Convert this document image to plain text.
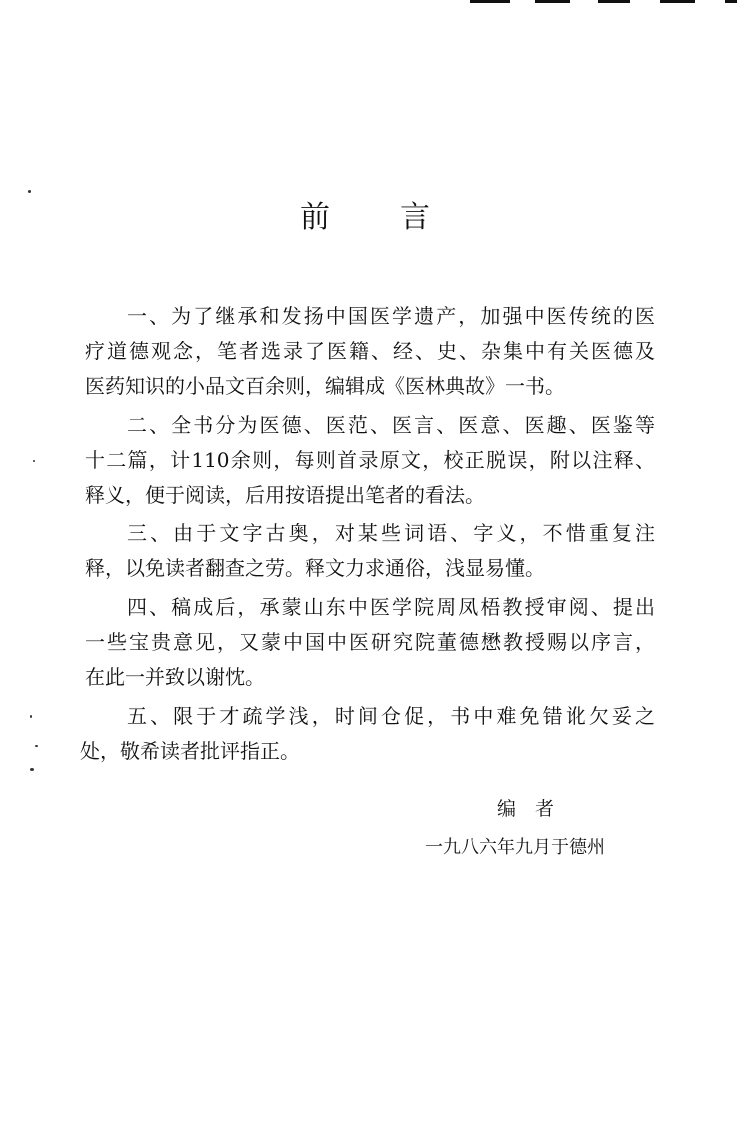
前 言
一、为了继承和发扬中国医学遗产，加强中医传统的医
疗道德观念，笔者选录了医籍、经、史、杂集中有关医德及
医药知识的小品文百余则，编辑成《医林典故》一书。
二、全书分为医德、医范、医言、医意、医趣、医鉴等
十二篇，计110余则，每则首录原文，校正脱误，附以注释、
释义，便于阅读，后用按语提出笔者的看法。
三、由于文字古奥，对某些词语、字义，不惜重复注
释，以免读者翻查之劳。释文力求通俗，浅显易懂。
四、稿成后，承蒙山东中医学院周凤梧教授审阅、提出
一些宝贵意见，又蒙中国中医研究院董德懋教授赐以序言，
在此一并致以谢忱。
五、限于才疏学浅，时间仓促，书中难免错讹欠妥之
处，敬希读者批评指正。
编　者
一九八六年九月于德州
